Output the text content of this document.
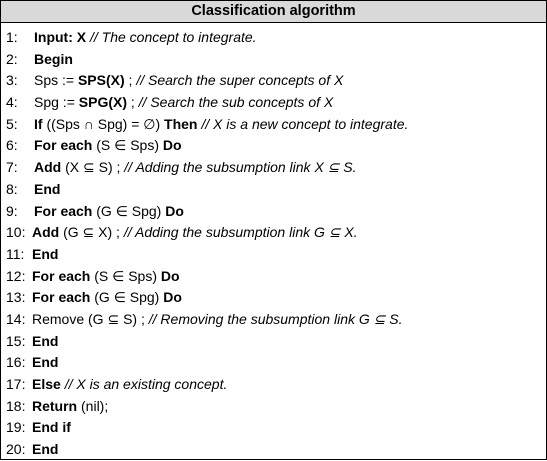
Classification algorithm
1: Input: X // The concept to integrate.
2: Begin
3: Sps := SPS(X) ; // Search the super concepts of X
4: Spg := SPG(X) ; // Search the sub concepts of X
5: If ((Sps ∩ Spg) = ∅) Then // X is a new concept to integrate.
6: For each (S ∈ Sps) Do
7: Add (X ⊆ S) ; // Adding the subsumption link X ⊆ S.
8: End
9: For each (G ∈ Spg) Do
10: Add (G ⊆ X) ; // Adding the subsumption link G ⊆ X.
11: End
12: For each (S ∈ Sps) Do
13: For each (G ∈ Spg) Do
14: Remove (G ⊆ S) ; // Removing the subsumption link G ⊆ S.
15: End
16: End
17: Else // X is an existing concept.
18: Return (nil);
19: End if
20: End
